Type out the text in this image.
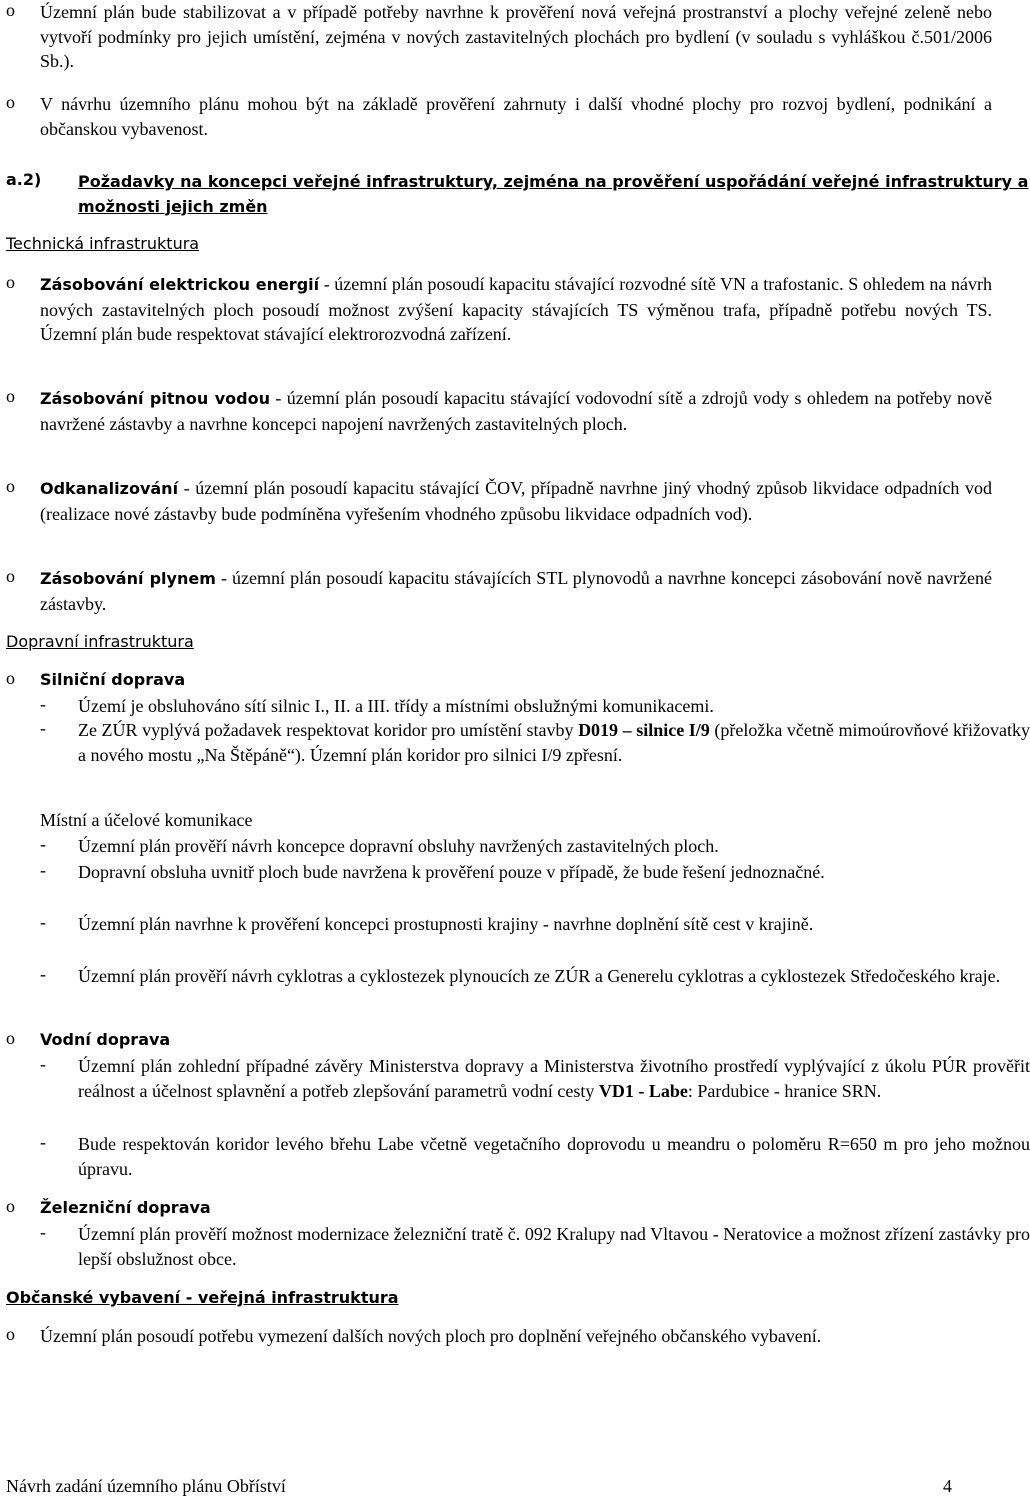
o Územní plán bude stabilizovat a v případě potřeby navrhne k prověření nová veřejná prostranství a plochy veřejné zeleně nebo vytvoří podmínky pro jejich umístění, zejména v nových zastavitelných plochách pro bydlení (v souladu s vyhláškou č.501/2006 Sb.).

o V návrhu územního plánu mohou být na základě prověření zahrnuty i další vhodné plochy pro rozvoj bydlení, podnikání a občanskou vybavenost.

a.2) Požadavky na koncepci veřejné infrastruktury, zejména na prověření uspořádání veřejné infrastruktury a možnosti jejich změn

Technická infrastruktura

o Zásobování elektrickou energií - územní plán posoudí kapacitu stávající rozvodné sítě VN a trafostanic. S ohledem na návrh nových zastavitelných ploch posoudí možnost zvýšení kapacity stávajících TS výměnou trafa, případně potřebu nových TS. Územní plán bude respektovat stávající elektrorozvodná zařízení.

o Zásobování pitnou vodou - územní plán posoudí kapacitu stávající vodovodní sítě a zdrojů vody s ohledem na potřeby nově navržené zástavby a navrhne koncepci napojení navržených zastavitelných ploch.

o Odkanalizování - územní plán posoudí kapacitu stávající ČOV, případně navrhne jiný vhodný způsob likvidace odpadních vod (realizace nové zástavby bude podmíněna vyřešením vhodného způsobu likvidace odpadních vod).

o Zásobování plynem - územní plán posoudí kapacitu stávajících STL plynovodů a navrhne koncepci zásobování nově navržené zástavby.

Dopravní infrastruktura

o Silniční doprava

- Území je obsluhováno sítí silnic I., II. a III. třídy a místními obslužnými komunikacemi.

- Ze ZÚR vyplývá požadavek respektovat koridor pro umístění stavby D019 – silnice I/9 (přeložka včetně mimoúrovňové křižovatky a nového mostu „Na Štěpáně“). Územní plán koridor pro silnici I/9 zpřesní.

Místní a účelové komunikace

- Územní plán prověří návrh koncepce dopravní obsluhy navržených zastavitelných ploch.

- Dopravní obsluha uvnitř ploch bude navržena k prověření pouze v případě, že bude řešení jednoznačné.

- Územní plán navrhne k prověření koncepci prostupnosti krajiny - navrhne doplnění sítě cest v krajině.

- Územní plán prověří návrh cyklotras a cyklostezek plynoucích ze ZÚR a Generelu cyklotras a cyklostezek Středočeského kraje.

o Vodní doprava

- Územní plán zohlední případné závěry Ministerstva dopravy a Ministerstva životního prostředí vyplývající z úkolu PÚR prověřit reálnost a účelnost splavnění a potřeb zlepšování parametrů vodní cesty VD1 - Labe: Pardubice - hranice SRN.

- Bude respektován koridor levého břehu Labe včetně vegetačního doprovodu u meandru o poloměru R=650 m pro jeho možnou úpravu.

o Železniční doprava

- Územní plán prověří možnost modernizace železniční tratě č. 092 Kralupy nad Vltavou - Neratovice a možnost zřízení zastávky pro lepší obslužnost obce.

Občanské vybavení - veřejná infrastruktura

o Územní plán posoudí potřebu vymezení dalších nových ploch pro doplnění veřejného občanského vybavení.

Návrh zadání územního plánu Obříství	4
